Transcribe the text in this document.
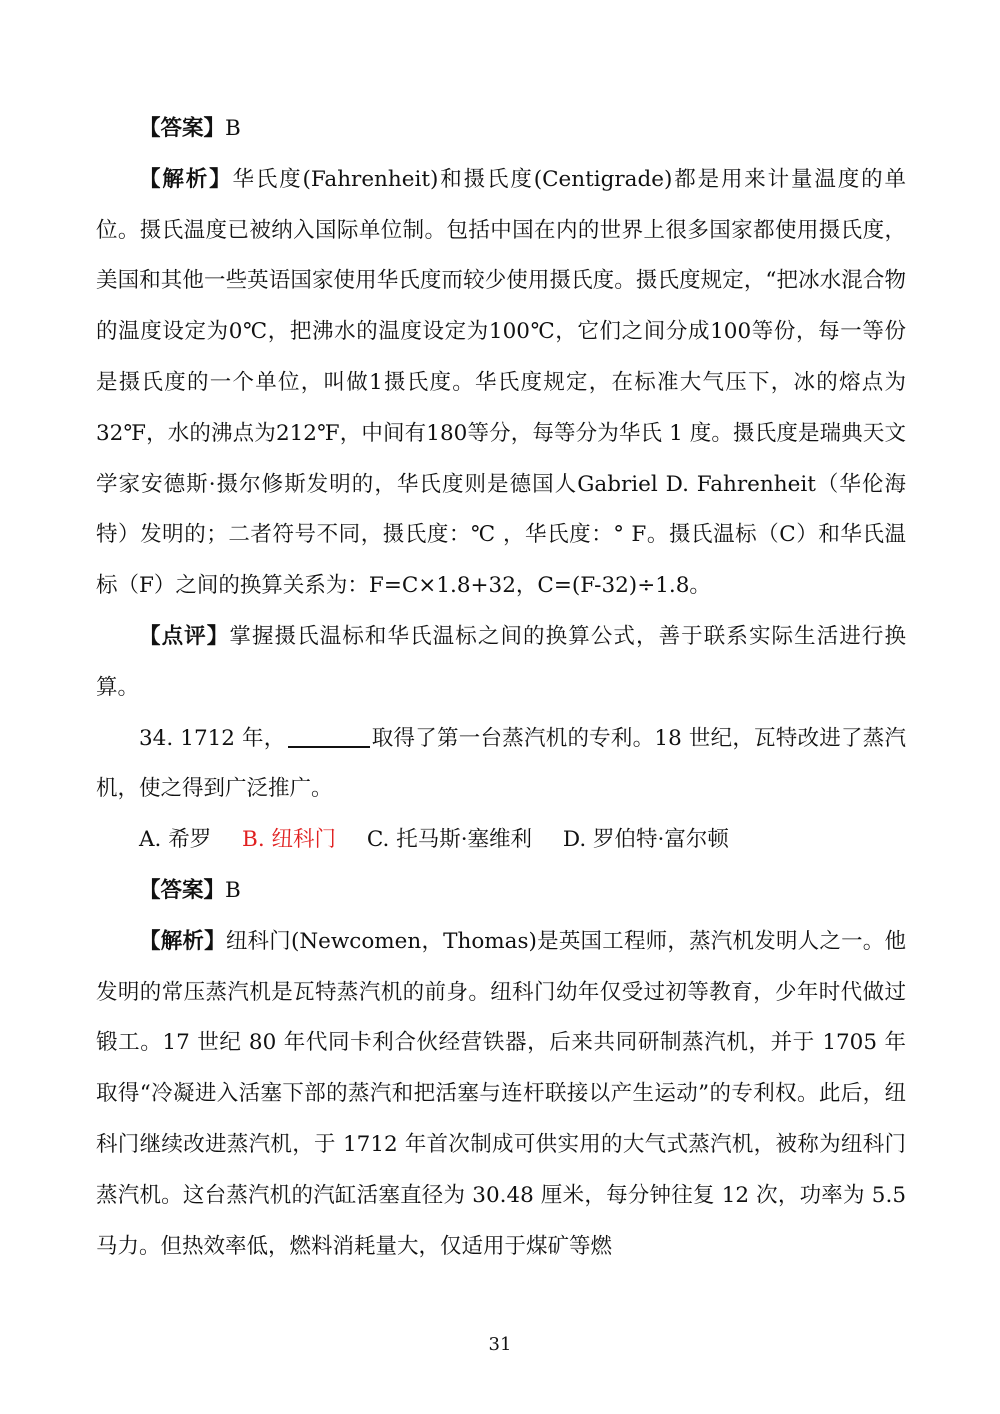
【答案】B

【解析】华氏度(Fahrenheit)和摄氏度(Centigrade)都是用来计量温度的单位。摄氏温度已被纳入国际单位制。包括中国在内的世界上很多国家都使用摄氏度，美国和其他一些英语国家使用华氏度而较少使用摄氏度。摄氏度规定，“把冰水混合物的温度设定为0℃，把沸水的温度设定为100℃，它们之间分成100等份，每一等份是摄氏度的一个单位，叫做1摄氏度。华氏度规定，在标准大气压下，冰的熔点为32℉，水的沸点为212℉，中间有180等分，每等分为华氏 1 度。摄氏度是瑞典天文学家安德斯·摄尔修斯发明的，华氏度则是德国人Gabriel D. Fahrenheit（华伦海特）发明的；二者符号不同，摄氏度：℃ ，华氏度：° F。摄氏温标（C）和华氏温标（F）之间的换算关系为：F=C×1.8+32，C=(F-32)÷1.8。

【点评】掌握摄氏温标和华氏温标之间的换算公式，善于联系实际生活进行换算。

34. 1712 年，	取得了第一台蒸汽机的专利。18 世纪，瓦特改进了蒸汽机，使之得到广泛推广。

A. 希罗 B. 纽科门 C. 托马斯·塞维利 D. 罗伯特·富尔顿

【答案】B

【解析】纽科门(Newcomen，Thomas)是英国工程师，蒸汽机发明人之一。他发明的常压蒸汽机是瓦特蒸汽机的前身。纽科门幼年仅受过初等教育，少年时代做过锻工。17 世纪 80 年代同卡利合伙经营铁器，后来共同研制蒸汽机，并于 1705 年取得“冷凝进入活塞下部的蒸汽和把活塞与连杆联接以产生运动”的专利权。此后，纽科门继续改进蒸汽机，于 1712 年首次制成可供实用的大气式蒸汽机，被称为纽科门蒸汽机。这台蒸汽机的汽缸活塞直径为 30.48 厘米，每分钟往复 12 次，功率为 5.5 马力。但热效率低，燃料消耗量大，仅适用于煤矿等燃

31
